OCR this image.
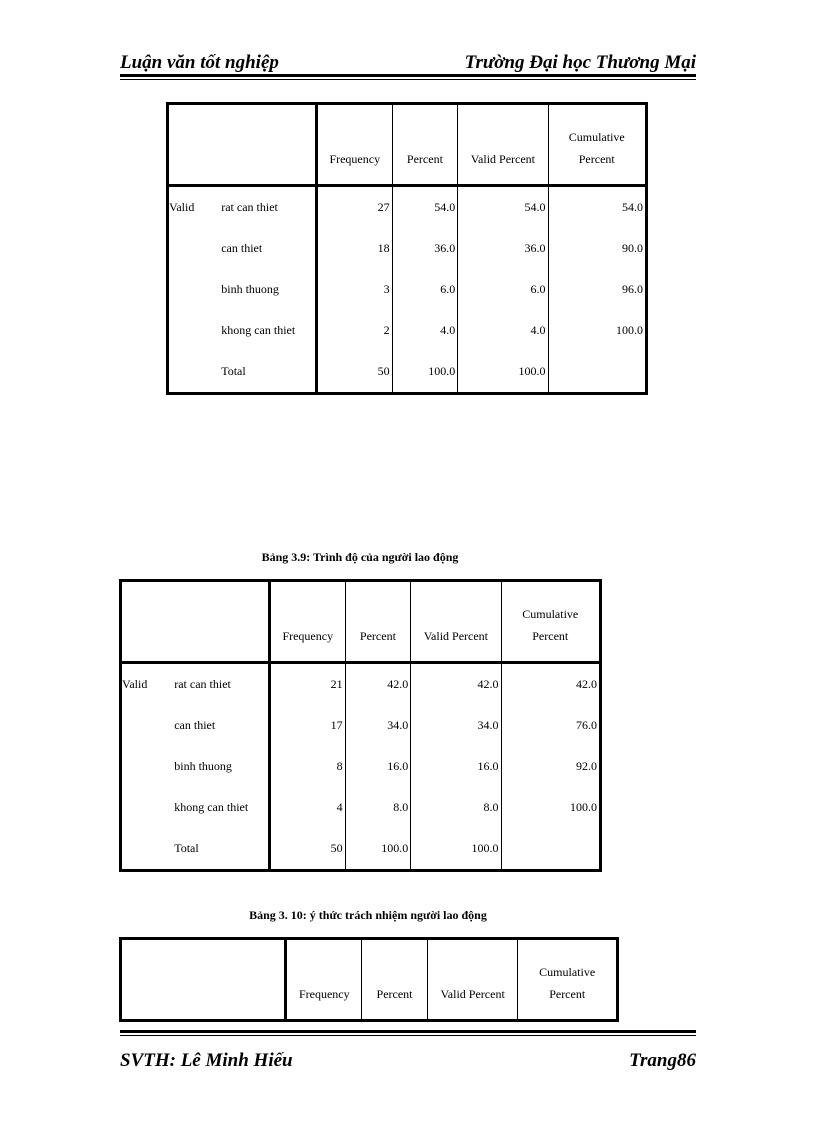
Luận văn tốt nghiệp	Trường Đại học Thương Mại
		Frequency	Percent	Valid Percent	Cumulative
Percent
Valid	rat can thiet	27	54.0	54.0	54.0
	can thiet	18	36.0	36.0	90.0
	binh thuong	3	6.0	6.0	96.0
	khong can thiet	2	4.0	4.0	100.0
	Total	50	100.0	100.0	
Bảng 3.9: Trình độ của người lao động
		Frequency	Percent	Valid Percent	Cumulative
Percent
Valid	rat can thiet	21	42.0	42.0	42.0
	can thiet	17	34.0	34.0	76.0
	binh thuong	8	16.0	16.0	92.0
	khong can thiet	4	8.0	8.0	100.0
	Total	50	100.0	100.0	
Bảng 3. 10: ý thức trách nhiệm người lao động
	Frequency	Percent	Valid Percent	Cumulative
Percent
SVTH: Lê Minh Hiếu	Trang86
